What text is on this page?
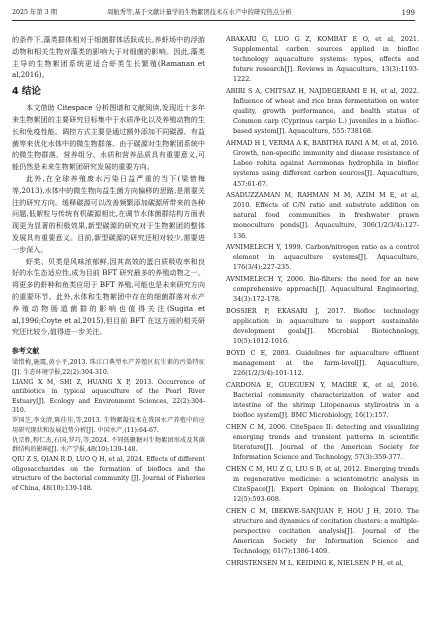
2025 年第 3 期	周航秀等,基于文献计量学的生物絮团技术在水产中的研究热点分析	199

的条件下,藻类群体相对于细菌群体活跃成长,养虾场中的浮游动物和相关生物对藻类的影响大于对细菌的影响。因此,藻类主导的生物絮团系统更适合虾类生长繁殖(Ramanan et al,2016)。

4 结论

本文借助 Citespace 分析图谱和文献阅读,发现近十多年来生物絮团的主要研究目标集中于水质净化以及养殖动物的生长和免疫性能。调控方式主要是通过额外添加不同碳源、有益菌等来优化水体中的微生物群落。由于碳源对生物絮团系统中的微生物群落、营养组分、水质和营养品质具有重要意义,可能仍然是未来生物絮团研究发展的重要方向。

此外,在全球养殖废水污染日益严重的当下(梁惜梅等,2013),水体中的微生物向益生菌方向偏移的思路,是需要关注的研究方向。缓释碳源可以改善频繁添加碳源所带来的各种问题,低絮粒与传统有机碳源相比,在调节水体菌群结构方面表现更为显著的积极效果,新型碳源的研究对于生物絮团的整体发展具有重要意义。目前,新型碳源的研究还相对较少,需要进一步深入。

虾类、贝类是风味浓郁鲜,因其高效的蛋白质吸收率和良好的水生态适应性,成为目前 BFT 研究最多的养殖动物之一。将更多的虾种和鱼类应用于 BFT 养殖,可能也是未来研究方向的重要环节。此外,水体和生物絮团中存在的细菌群落对水产养殖动物肠道菌群的影响也值得关注(Sugita et al,1996;Coyte et al,2015),但目前 BFT 在这方面的相关研究还比较少,值得进一步关注。

参考文献

梁惜梅,施震,黄小平,2013. 珠江口典型水产养殖区抗生素的污染特征[J]. 生态环境学报,22(2):304-310.

LIANG X M, SHI Z, HUANG X P, 2013. Occurrence of antibiotics in typical aquaculture of the Pearl River Estuary[J]. Ecology and Environment Sciences, 22(2):304-310.

罗国芝,李文清,陈佳佳,等,2013. 生物絮凝技术在我国水产养殖中的应用研究现状和发展趋势分析[J]. 中国水产,(11):64-67.

仇宗胜,程仁杰,石国,罗巧,等,2024. 不同低聚糖对生物絮团形成及其菌群结构的影响[J]. 水产学报,48(10):139-148.

QIU Z S, QIAN R D, LUO Q H, et al, 2024. Effects of different oligosaccharides on the formation of bioflocs and the structure of the bacterial community [J]. Journal of Fisheries of China, 48(10):139-148.

ABAKARI G, LUO G Z, KOMBAT E O, et al, 2021. Supplemental carbon sources applied in biofloc technology aquaculture systems: types, effects and future research[J]. Reviews in Aquaculture, 13(3):1193-1222.

ABIRI S A, CHITSAZ H, NAJDEGERAMI E H, et al, 2022. Influence of wheat and rice bran fermentation on water quality, growth performance, and health status of Common carp (Cyprinus carpio L.) juveniles in a biofloc-based system[J]. Aquaculture, 555:738168.

AHMAD H I, VERMA A K, BABITHA RANI A M, et al, 2016. Growth, non-specific immunity and disease resistance of Labeo rohita against Aeromonas hydrophila in biofloc systems using different carbon sources[J]. Aquaculture, 457:61-67.

ASADUZZAMAN M, RAHMAN M M, AZIM M E, et al, 2010. Effects of C/N ratio and substrate addition on natural food communities in freshwater prawn monoculture ponds[J]. Aquaculture, 306(1/2/3/4):127-136.

AVNIMELECH Y, 1999. Carbon/nitrogen ratio as a control element in aquaculture systems[J]. Aquaculture, 176(3/4):227-235.

AVNIMELECH Y, 2006. Bio-filters: the need for an new comprehensive approach[J]. Aquacultural Engineering, 34(3):172-178.

BOSSIER P, EKASARI J, 2017. Biofloc technology application in aquaculture to support sustainable development goals[J]. Microbial Biotechnology, 10(5):1012-1016.

BOYD C E, 2003. Guidelines for aquaculture effluent management at the farm-level[J]. Aquaculture, 226(1/2/3/4):101-112.

CARDONA E, GUEGUEN Y, MAGRÉ K, et al, 2016. Bacterial community characterization of water and intestine of the shrimp Litopenaeus stylirostris in a biofloc system[J]. BMC Microbiology, 16(1):157.

CHEN C M, 2006. CiteSpace II: detecting and visualizing emerging trends and transient patterns in scientific literature[J]. Journal of the American Society for Information Science and Technology, 57(3):359-377.

CHEN C M, HU Z G, LIU S B, et al, 2012. Emerging trends in regenerative medicine: a scientometric analysis in CiteSpace[J]. Expert Opinion on Biological Therapy, 12(5):593-608.

CHEN C M, IBEKWE-SANJUAN F, HOU J H, 2010. The structure and dynamics of cocitation clusters: a multiple-perspective cocitation analysis[J]. Journal of the American Society for Information Science and Technology, 61(7):1386-1409.

CHRISTENSEN M L, KEIDING K, NIELSEN P H, et al,
